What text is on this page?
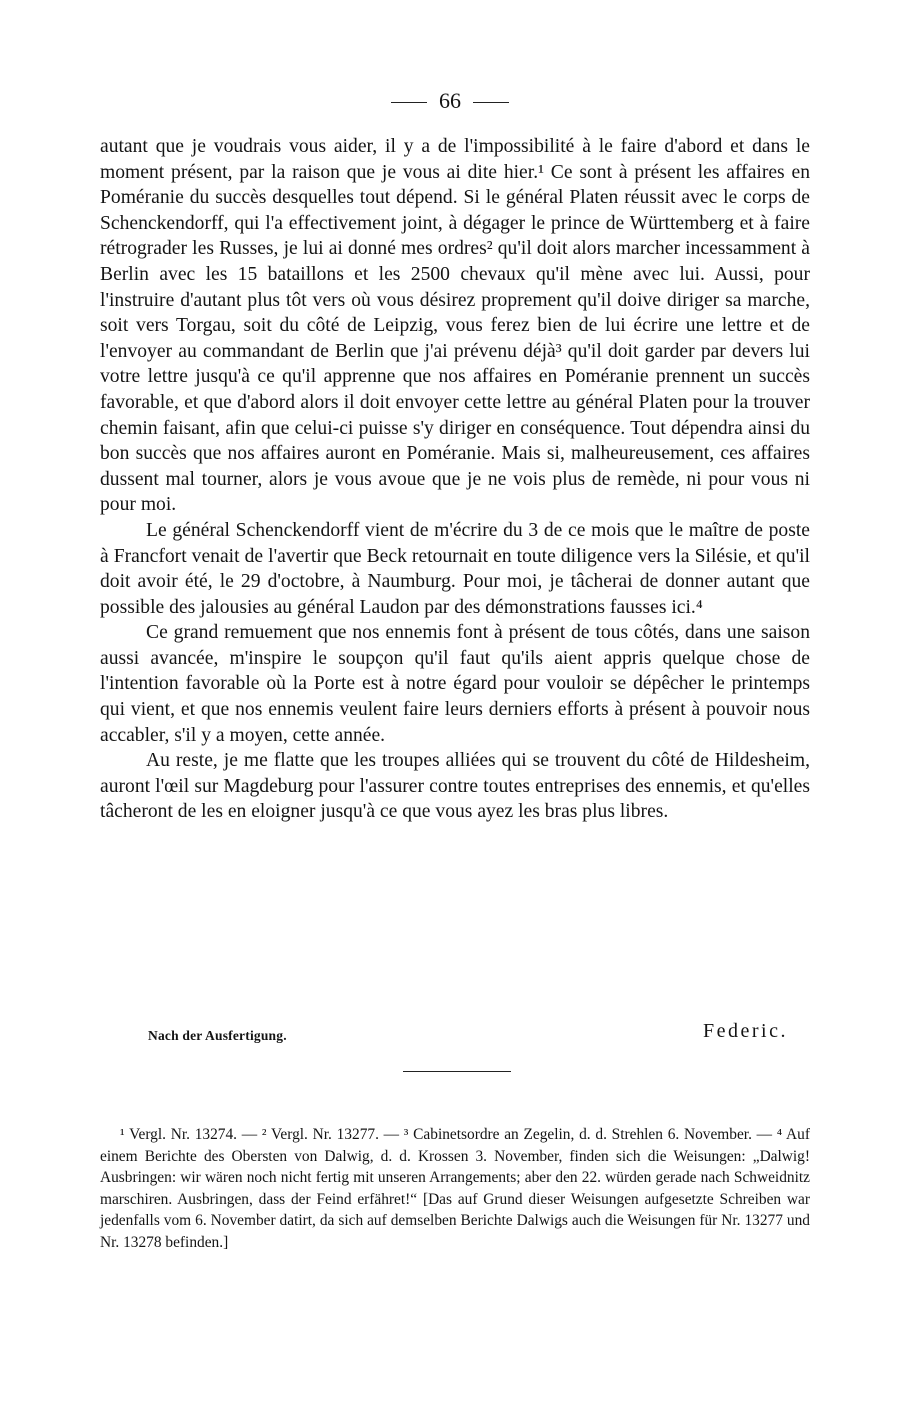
66

autant que je voudrais vous aider, il y a de l'impossibilité à le faire d'abord et dans le moment présent, par la raison que je vous ai dite hier.¹ Ce sont à présent les affaires en Poméranie du succès desquelles tout dépend. Si le général Platen réussit avec le corps de Schenckendorff, qui l'a effectivement joint, à dégager le prince de Württemberg et à faire rétrograder les Russes, je lui ai donné mes ordres² qu'il doit alors marcher incessamment à Berlin avec les 15 bataillons et les 2500 chevaux qu'il mène avec lui. Aussi, pour l'instruire d'autant plus tôt vers où vous désirez proprement qu'il doive diriger sa marche, soit vers Torgau, soit du côté de Leipzig, vous ferez bien de lui écrire une lettre et de l'envoyer au commandant de Berlin que j'ai prévenu déjà³ qu'il doit garder par devers lui votre lettre jusqu'à ce qu'il apprenne que nos affaires en Poméranie prennent un succès favorable, et que d'abord alors il doit envoyer cette lettre au général Platen pour la trouver chemin faisant, afin que celui-ci puisse s'y diriger en conséquence. Tout dépendra ainsi du bon succès que nos affaires auront en Poméranie. Mais si, malheureusement, ces affaires dussent mal tourner, alors je vous avoue que je ne vois plus de remède, ni pour vous ni pour moi.

Le général Schenckendorff vient de m'écrire du 3 de ce mois que le maître de poste à Francfort venait de l'avertir que Beck retournait en toute diligence vers la Silésie, et qu'il doit avoir été, le 29 d'octobre, à Naumburg. Pour moi, je tâcherai de donner autant que possible des jalousies au général Laudon par des démonstrations fausses ici.⁴

Ce grand remuement que nos ennemis font à présent de tous côtés, dans une saison aussi avancée, m'inspire le soupçon qu'il faut qu'ils aient appris quelque chose de l'intention favorable où la Porte est à notre égard pour vouloir se dépêcher le printemps qui vient, et que nos ennemis veulent faire leurs derniers efforts à présent à pouvoir nous accabler, s'il y a moyen, cette année.

Au reste, je me flatte que les troupes alliées qui se trouvent du côté de Hildesheim, auront l'œil sur Magdeburg pour l'assurer contre toutes entreprises des ennemis, et qu'elles tâcheront de les en eloigner jusqu'à ce que vous ayez les bras plus libres.

Nach der Ausfertigung.	Federic.

¹ Vergl. Nr. 13274. — ² Vergl. Nr. 13277. — ³ Cabinetsordre an Zegelin, d. d. Strehlen 6. November. — ⁴ Auf einem Berichte des Obersten von Dalwig, d. d. Krossen 3. November, finden sich die Weisungen: „Dalwig! Ausbringen: wir wären noch nicht fertig mit unseren Arrangements; aber den 22. würden gerade nach Schweidnitz marschiren. Ausbringen, dass der Feind erfähret!“ [Das auf Grund dieser Weisungen aufgesetzte Schreiben war jedenfalls vom 6. November datirt, da sich auf demselben Berichte Dalwigs auch die Weisungen für Nr. 13277 und Nr. 13278 befinden.]
